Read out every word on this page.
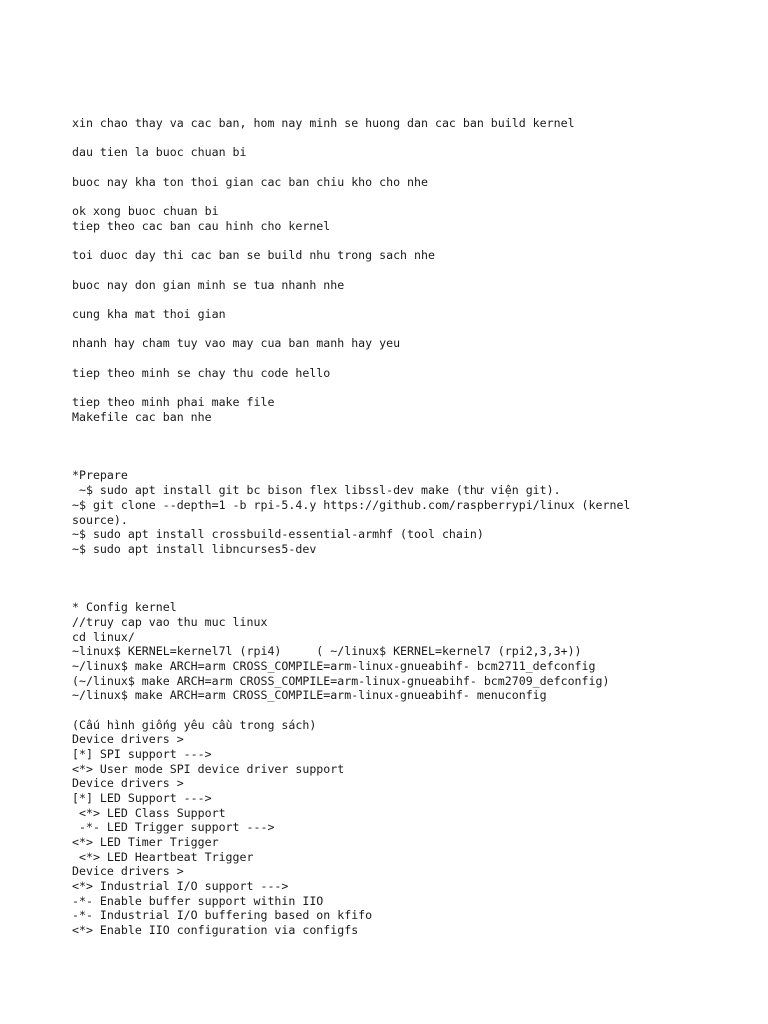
xin chao thay va cac ban, hom nay minh se huong dan cac ban build kernel

dau tien la buoc chuan bi

buoc nay kha ton thoi gian cac ban chiu kho cho nhe

ok xong buoc chuan bi

tiep theo cac ban cau hinh cho kernel

toi duoc day thi cac ban se build nhu trong sach nhe

buoc nay don gian minh se tua nhanh nhe

cung kha mat thoi gian

nhanh hay cham tuy vao may cua ban manh hay yeu

tiep theo minh se chay thu code hello

tiep theo minh phai make file

Makefile cac ban nhe

*Prepare

~$ sudo apt install git bc bison flex libssl-dev make (thư viện git).

~$ git clone --depth=1 -b rpi-5.4.y https://github.com/raspberrypi/linux (kernel

source).

~$ sudo apt install crossbuild-essential-armhf (tool chain)

~$ sudo apt install libncurses5-dev

* Config kernel

//truy cap vao thu muc linux

cd linux/

~linux$ KERNEL=kernel7l (rpi4)     ( ~/linux$ KERNEL=kernel7 (rpi2,3,3+))

~/linux$ make ARCH=arm CROSS_COMPILE=arm-linux-gnueabihf- bcm2711_defconfig

(~/linux$ make ARCH=arm CROSS_COMPILE=arm-linux-gnueabihf- bcm2709_defconfig)

~/linux$ make ARCH=arm CROSS_COMPILE=arm-linux-gnueabihf- menuconfig

(Cấu hình giống yêu cầu trong sách)

Device drivers >

[*] SPI support --->

<*> User mode SPI device driver support

Device drivers >

[*] LED Support --->

<*> LED Class Support

-*- LED Trigger support --->

<*> LED Timer Trigger

<*> LED Heartbeat Trigger

Device drivers >

<*> Industrial I/O support --->

-*- Enable buffer support within IIO

-*- Industrial I/O buffering based on kfifo

<*> Enable IIO configuration via configfs
